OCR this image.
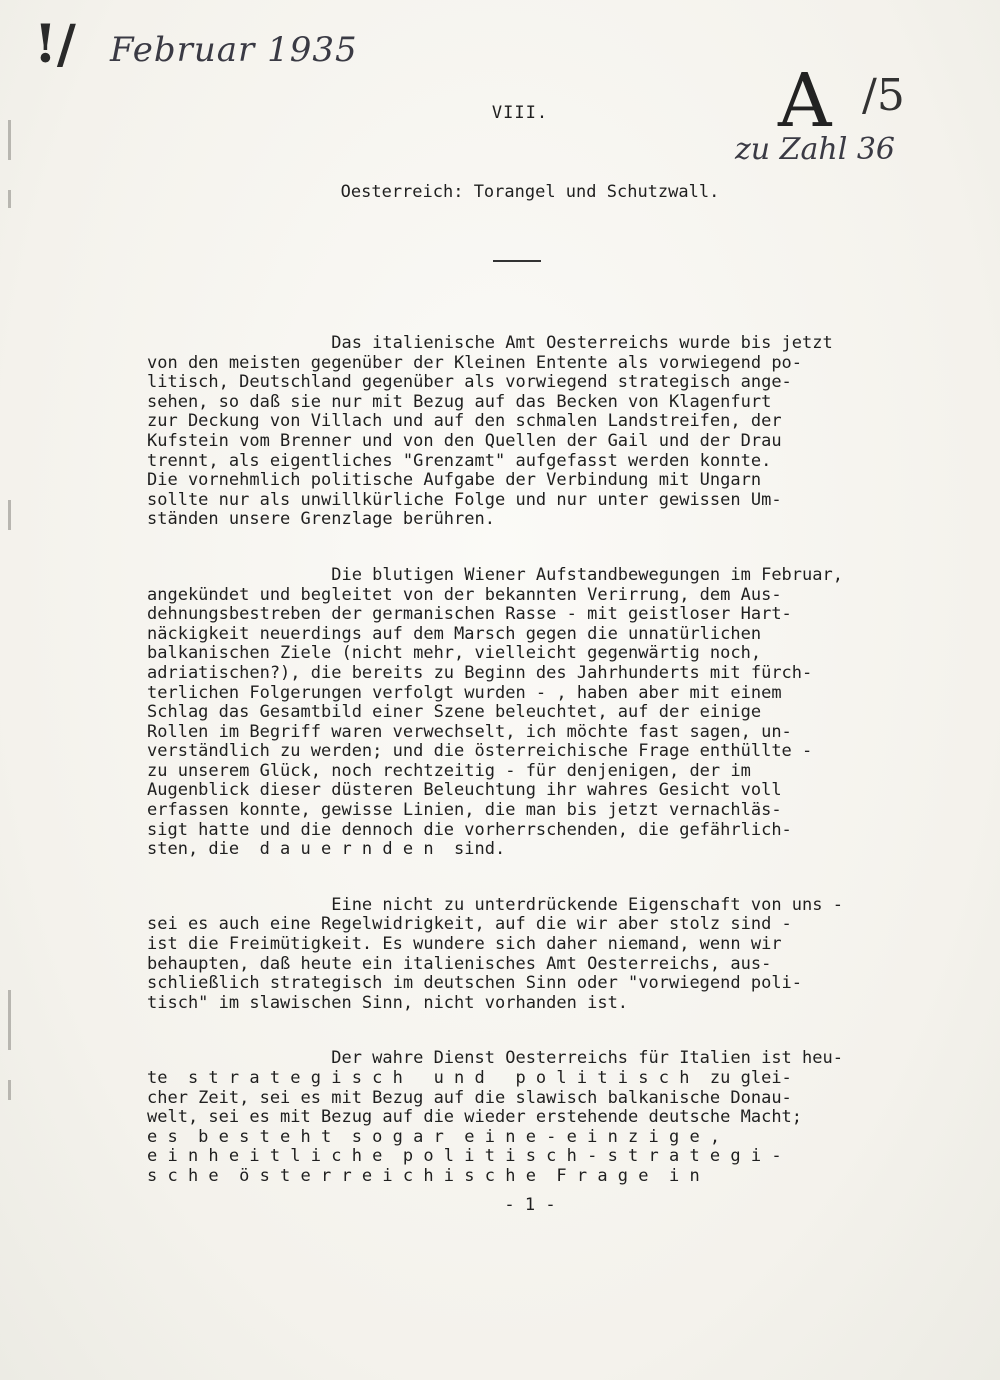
!/ Februar 1935
A /5
zu Zahl 36
VIII.
Oesterreich: Torangel und Schutzwall.
Das italienische Amt Oesterreichs wurde bis jetzt
von den meisten gegenüber der Kleinen Entente als vorwiegend po-
litisch, Deutschland gegenüber als vorwiegend strategisch ange-
sehen, so daß sie nur mit Bezug auf das Becken von Klagenfurt
zur Deckung von Villach und auf den schmalen Landstreifen, der
Kufstein vom Brenner und von den Quellen der Gail und der Drau
trennt, als eigentliches "Grenzamt" aufgefasst werden konnte.
Die vornehmlich politische Aufgabe der Verbindung mit Ungarn
sollte nur als unwillkürliche Folge und nur unter gewissen Um-
ständen unsere Grenzlage berühren.
Die blutigen Wiener Aufstandbewegungen im Februar,
angekündet und begleitet von der bekannten Verirrung, dem Aus-
dehnungsbestreben der germanischen Rasse - mit geistloser Hart-
näckigkeit neuerdings auf dem Marsch gegen die unnatürlichen
balkanischen Ziele (nicht mehr, vielleicht gegenwärtig noch,
adriatischen?), die bereits zu Beginn des Jahrhunderts mit fürch-
terlichen Folgerungen verfolgt wurden - , haben aber mit einem
Schlag das Gesamtbild einer Szene beleuchtet, auf der einige
Rollen im Begriff waren verwechselt, ich möchte fast sagen, un-
verständlich zu werden; und die österreichische Frage enthüllte -
zu unserem Glück, noch rechtzeitig - für denjenigen, der im
Augenblick dieser düsteren Beleuchtung ihr wahres Gesicht voll
erfassen konnte, gewisse Linien, die man bis jetzt vernachläs-
sigt hatte und die dennoch die vorherrschenden, die gefährlich-
sten, die  d a u e r n d e n  sind.
Eine nicht zu unterdrückende Eigenschaft von uns -
sei es auch eine Regelwidrigkeit, auf die wir aber stolz sind -
ist die Freimütigkeit. Es wundere sich daher niemand, wenn wir
behaupten, daß heute ein italienisches Amt Oesterreichs, aus-
schließlich strategisch im deutschen Sinn oder "vorwiegend poli-
tisch" im slawischen Sinn, nicht vorhanden ist.
Der wahre Dienst Oesterreichs für Italien ist heu-
te  s t r a t e g i s c h   u n d   p o l i t i s c h  zu glei-
cher Zeit, sei es mit Bezug auf die slawisch balkanische Donau-
welt, sei es mit Bezug auf die wieder erstehende deutsche Macht;
e s  b e s t e h t  s o g a r  e i n e - e i n z i g e ,
e i n h e i t l i c h e  p o l i t i s c h - s t r a t e g i -
s c h e  ö s t e r r e i c h i s c h e  F r a g e  i n
- 1 -
